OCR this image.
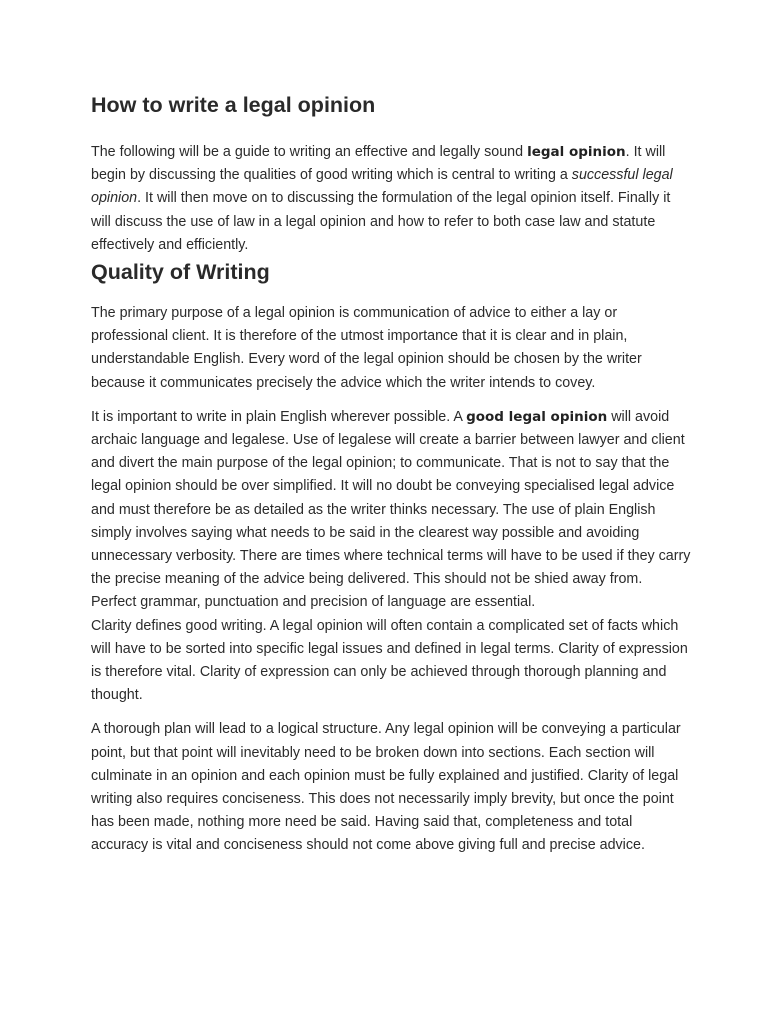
How to write a legal opinion

The following will be a guide to writing an effective and legally sound legal opinion. It will begin by discussing the qualities of good writing which is central to writing a successful legal opinion. It will then move on to discussing the formulation of the legal opinion itself. Finally it will discuss the use of law in a legal opinion and how to refer to both case law and statute effectively and efficiently.

Quality of Writing

The primary purpose of a legal opinion is communication of advice to either a lay or professional client. It is therefore of the utmost importance that it is clear and in plain, understandable English. Every word of the legal opinion should be chosen by the writer because it communicates precisely the advice which the writer intends to covey.

It is important to write in plain English wherever possible. A good legal opinion will avoid archaic language and legalese. Use of legalese will create a barrier between lawyer and client and divert the main purpose of the legal opinion; to communicate. That is not to say that the legal opinion should be over simplified. It will no doubt be conveying specialised legal advice and must therefore be as detailed as the writer thinks necessary. The use of plain English simply involves saying what needs to be said in the clearest way possible and avoiding unnecessary verbosity. There are times where technical terms will have to be used if they carry the precise meaning of the advice being delivered. This should not be shied away from. Perfect grammar, punctuation and precision of language are essential.

Clarity defines good writing. A legal opinion will often contain a complicated set of facts which will have to be sorted into specific legal issues and defined in legal terms. Clarity of expression is therefore vital. Clarity of expression can only be achieved through thorough planning and thought.

A thorough plan will lead to a logical structure. Any legal opinion will be conveying a particular point, but that point will inevitably need to be broken down into sections. Each section will culminate in an opinion and each opinion must be fully explained and justified. Clarity of legal writing also requires conciseness. This does not necessarily imply brevity, but once the point has been made, nothing more need be said. Having said that, completeness and total accuracy is vital and conciseness should not come above giving full and precise advice.
